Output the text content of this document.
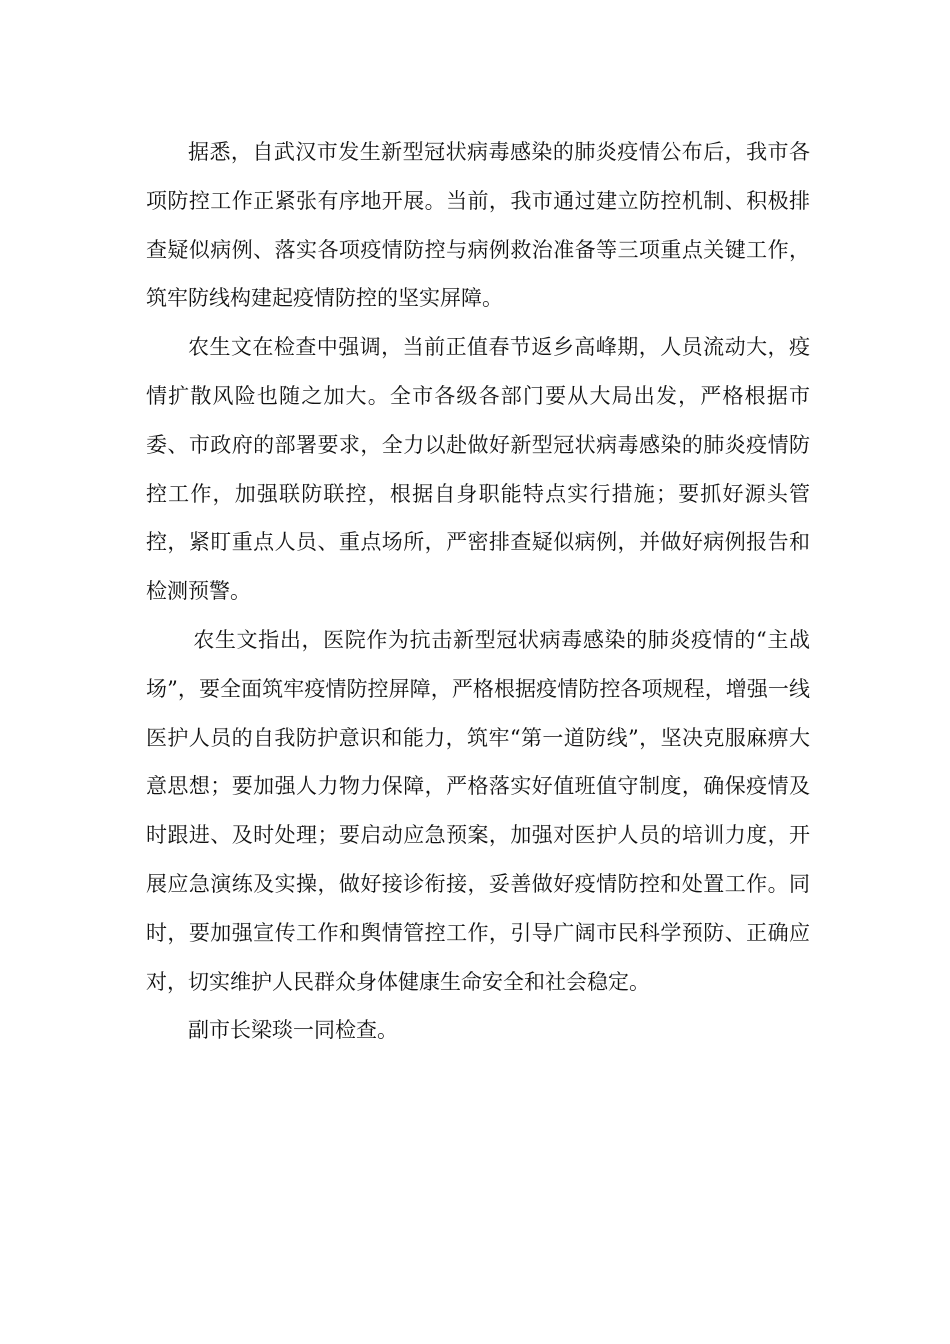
据悉，自武汉市发生新型冠状病毒感染的肺炎疫情公布后，我市各项防控工作正紧张有序地开展。当前，我市通过建立防控机制、积极排查疑似病例、落实各项疫情防控与病例救治准备等三项重点关键工作，筑牢防线构建起疫情防控的坚实屏障。

农生文在检查中强调，当前正值春节返乡高峰期，人员流动大，疫情扩散风险也随之加大。全市各级各部门要从大局出发，严格根据市委、市政府的部署要求，全力以赴做好新型冠状病毒感染的肺炎疫情防控工作，加强联防联控，根据自身职能特点实行措施；要抓好源头管控，紧盯重点人员、重点场所，严密排查疑似病例，并做好病例报告和检测预警。

农生文指出，医院作为抗击新型冠状病毒感染的肺炎疫情的“主战场”，要全面筑牢疫情防控屏障，严格根据疫情防控各项规程，增强一线医护人员的自我防护意识和能力，筑牢“第一道防线”，坚决克服麻痹大意思想；要加强人力物力保障，严格落实好值班值守制度，确保疫情及时跟进、及时处理；要启动应急预案，加强对医护人员的培训力度，开展应急演练及实操，做好接诊衔接，妥善做好疫情防控和处置工作。同时，要加强宣传工作和舆情管控工作，引导广阔市民科学预防、正确应对，切实维护人民群众身体健康生命安全和社会稳定。

副市长梁琰一同检查。
